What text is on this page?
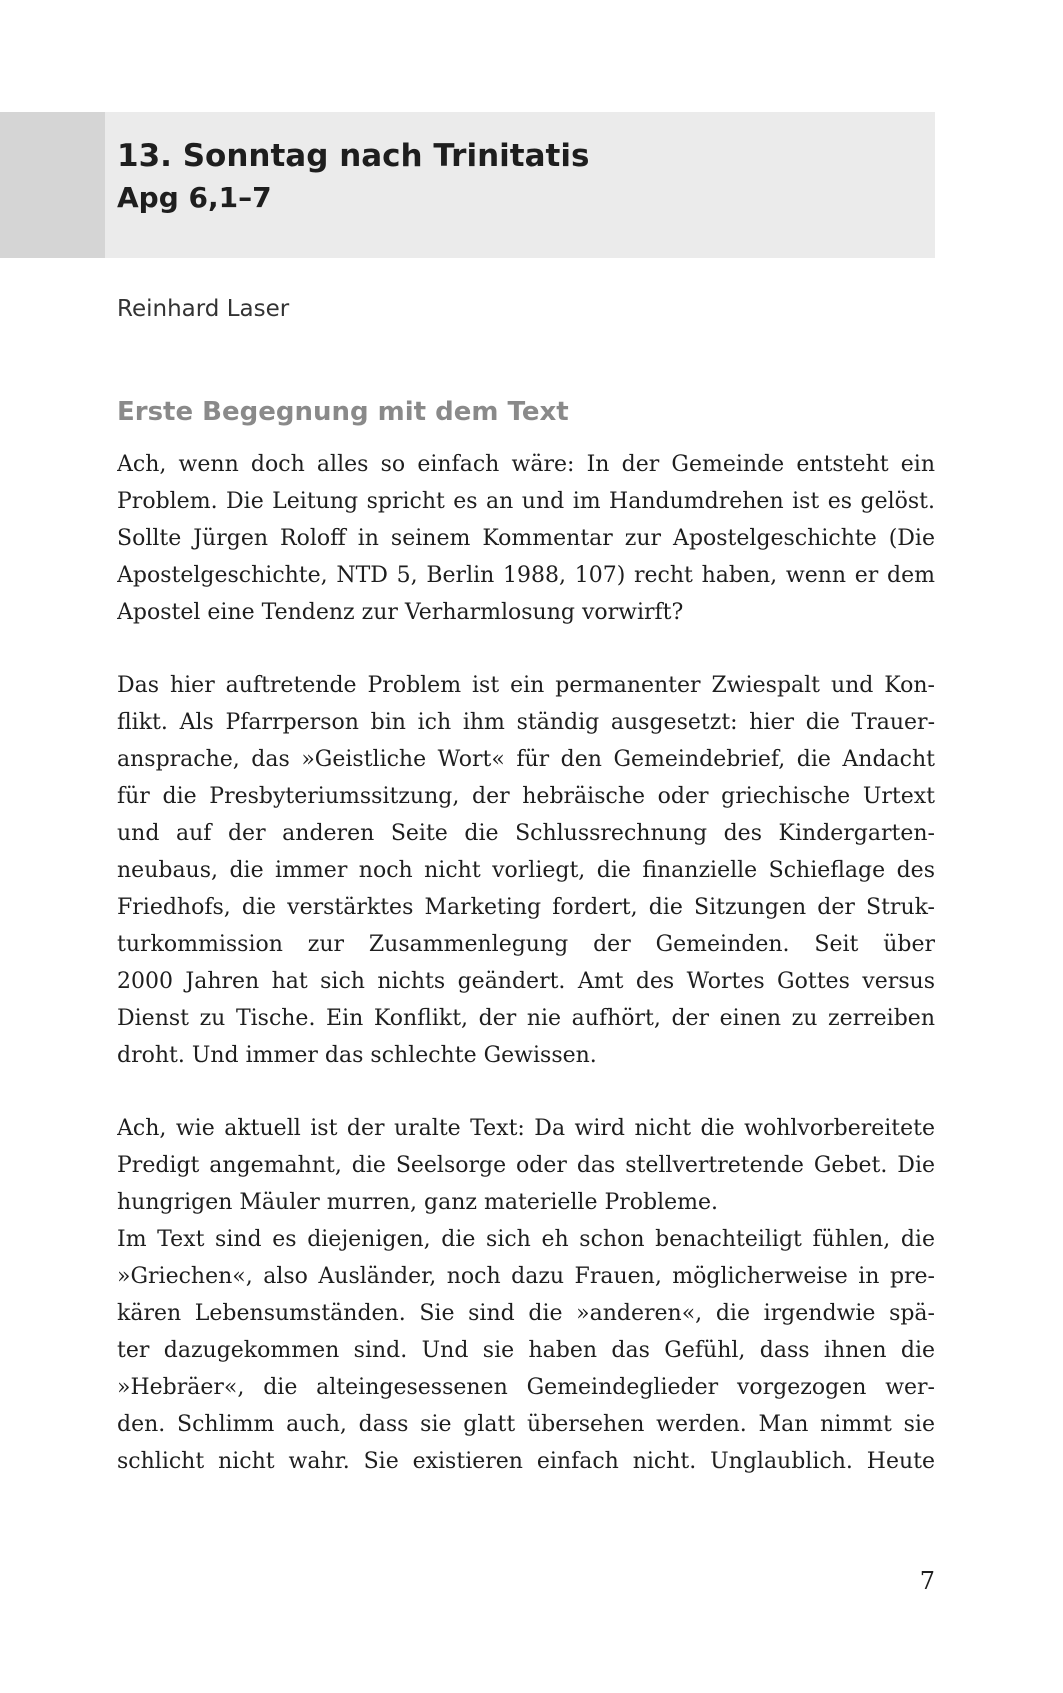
13. Sonntag nach Trinitatis
Apg 6,1–7

Reinhard Laser

Erste Begegnung mit dem Text
Ach, wenn doch alles so einfach wäre: In der Gemeinde entsteht ein
Problem. Die Leitung spricht es an und im Handumdrehen ist es gelöst.
Sollte Jürgen Roloff in seinem Kommentar zur Apostelgeschichte (Die
Apostelgeschichte, NTD 5, Berlin 1988, 107) recht haben, wenn er dem
Apostel eine Tendenz zur Verharmlosung vorwirft?
Das hier auftretende Problem ist ein permanenter Zwiespalt und Kon-
flikt. Als Pfarrperson bin ich ihm ständig ausgesetzt: hier die Trauer-
ansprache, das »Geistliche Wort« für den Gemeindebrief, die Andacht
für die Presbyteriumssitzung, der hebräische oder griechische Urtext
und auf der anderen Seite die Schlussrechnung des Kindergarten-
neubaus, die immer noch nicht vorliegt, die finanzielle Schieflage des
Friedhofs, die verstärktes Marketing fordert, die Sitzungen der Struk-
turkommission zur Zusammenlegung der Gemeinden. Seit über
2000 Jahren hat sich nichts geändert. Amt des Wortes Gottes versus
Dienst zu Tische. Ein Konflikt, der nie aufhört, der einen zu zerreiben
droht. Und immer das schlechte Gewissen.
Ach, wie aktuell ist der uralte Text: Da wird nicht die wohlvorbereitete
Predigt angemahnt, die Seelsorge oder das stellvertretende Gebet. Die
hungrigen Mäuler murren, ganz materielle Probleme.
Im Text sind es diejenigen, die sich eh schon benachteiligt fühlen, die
»Griechen«, also Ausländer, noch dazu Frauen, möglicherweise in pre-
kären Lebensumständen. Sie sind die »anderen«, die irgendwie spä-
ter dazugekommen sind. Und sie haben das Gefühl, dass ihnen die
»Hebräer«, die alteingesessenen Gemeindeglieder vorgezogen wer-
den. Schlimm auch, dass sie glatt übersehen werden. Man nimmt sie
schlicht nicht wahr. Sie existieren einfach nicht. Unglaublich. Heute
7
